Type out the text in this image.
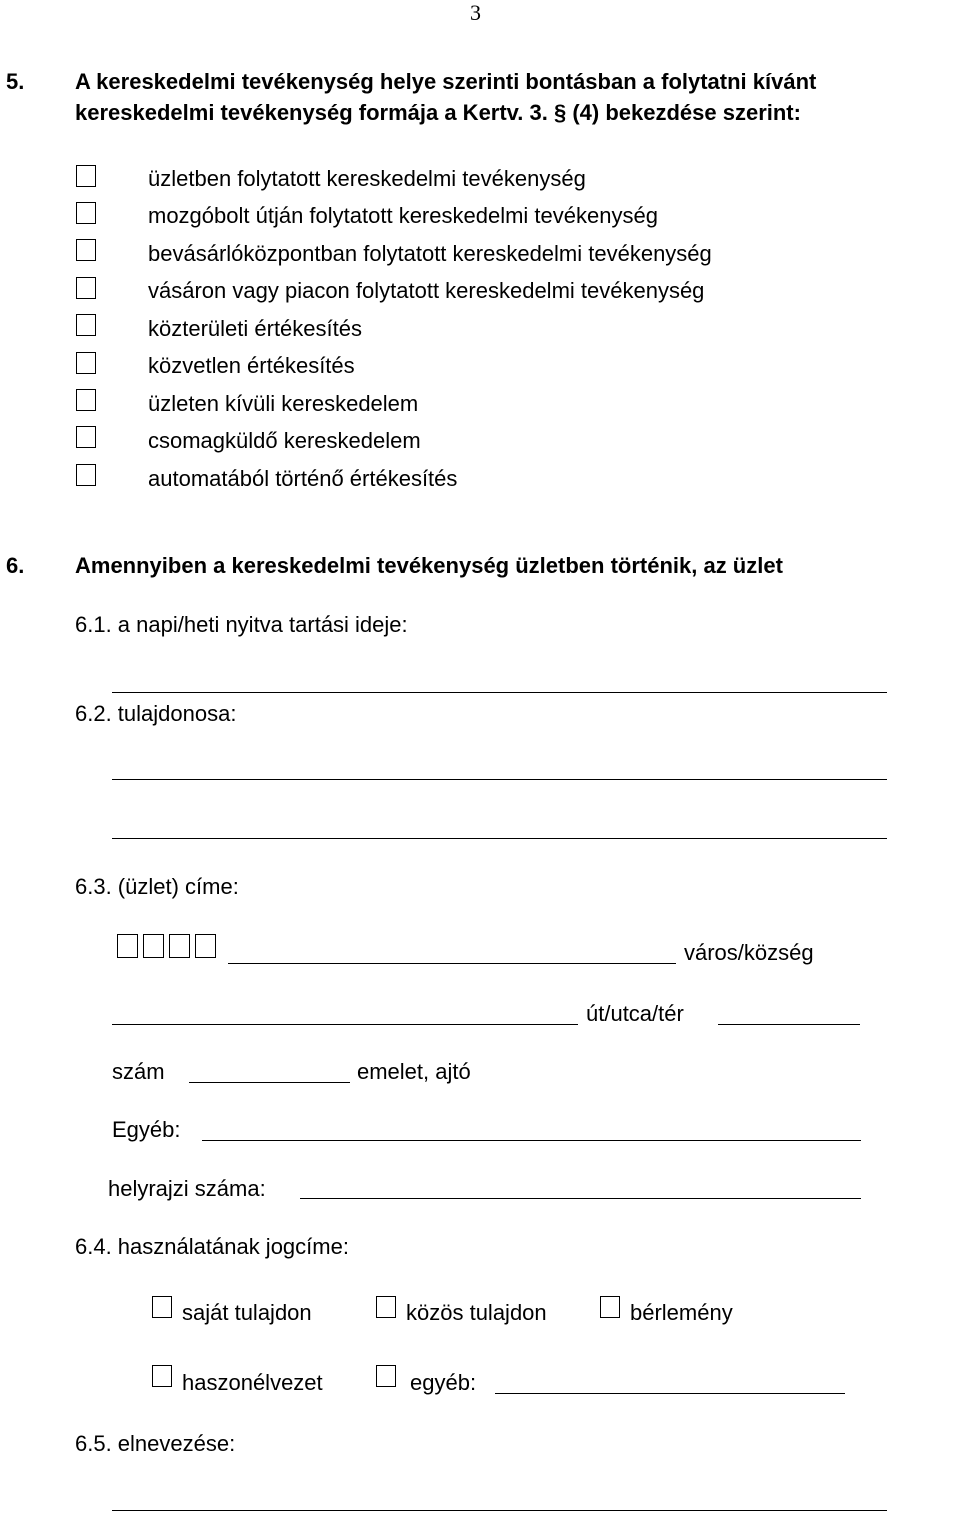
3
5. A kereskedelmi tevékenység helye szerinti bontásban a folytatni kívánt
kereskedelmi tevékenység formája a Kertv. 3. § (4) bekezdése szerint:
üzletben folytatott kereskedelmi tevékenység
mozgóbolt útján folytatott kereskedelmi tevékenység
bevásárlóközpontban folytatott kereskedelmi tevékenység
vásáron vagy piacon folytatott kereskedelmi tevékenység
közterületi értékesítés
közvetlen értékesítés
üzleten kívüli kereskedelem
csomagküldő kereskedelem
automatából történő értékesítés
6. Amennyiben a kereskedelmi tevékenység üzletben történik, az üzlet
6.1. a napi/heti nyitva tartási ideje:
6.2. tulajdonosa:
6.3. (üzlet) címe:
város/község
út/utca/tér
szám	emelet, ajtó
Egyéb:
helyrajzi száma:
6.4. használatának jogcíme:
saját tulajdon	közös tulajdon	bérlemény
haszonélvezet	egyéb:
6.5. elnevezése:
